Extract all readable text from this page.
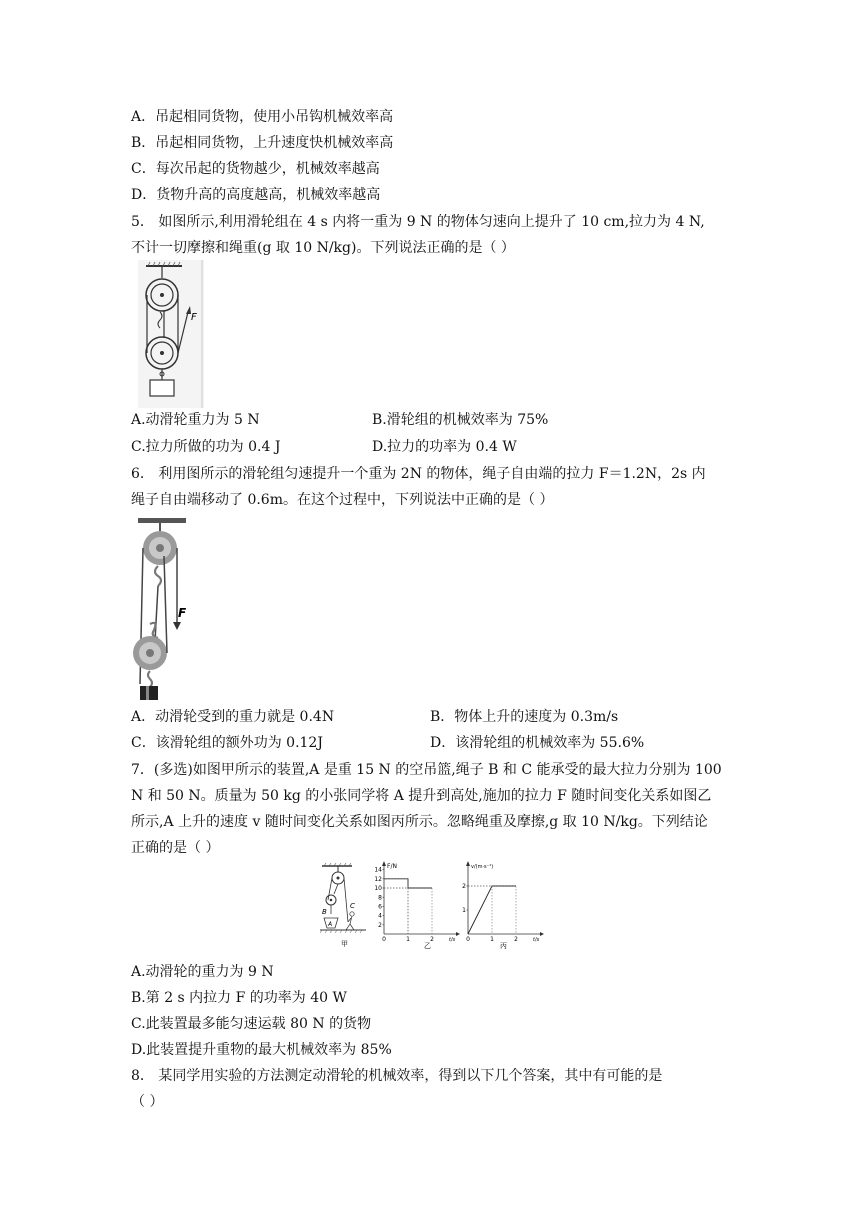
A．吊起相同货物，使用小吊钩机械效率高
B．吊起相同货物，上升速度快机械效率高
C．每次吊起的货物越少，机械效率越高
D．货物升高的高度越高，机械效率越高
5． 如图所示,利用滑轮组在 4 s 内将一重为 9 N 的物体匀速向上提升了 10 cm,拉力为 4 N,
不计一切摩擦和绳重(g 取 10 N/kg)。下列说法正确的是（ ）
F
A.动滑轮重力为 5 N	B.滑轮组的机械效率为 75%
C.拉力所做的功为 0.4 J	D.拉力的功率为 0.4 W
6． 利用图所示的滑轮组匀速提升一个重为 2N 的物体，绳子自由端的拉力 F＝1.2N，2s 内
绳子自由端移动了 0.6m。在这个过程中，下列说法中正确的是（ ）
F
A．动滑轮受到的重力就是 0.4N	B．物体上升的速度为 0.3m/s
C．该滑轮组的额外功为 0.12J	D．该滑轮组的机械效率为 55.6%
7．(多选)如图甲所示的装置,A 是重 15 N 的空吊篮,绳子 B 和 C 能承受的最大拉力分别为 100
N 和 50 N。质量为 50 kg 的小张同学将 A 提升到高处,施加的拉力 F 随时间变化关系如图乙
所示,A 上升的速度 v 随时间变化关系如图丙所示。忽略绳重及摩擦,g 取 10 N/kg。下列结论
正确的是（ ）
B
C
A
甲
F/N
t/s
乙
2
4
6
8
10
12
14
0	1	2
v/(m·s⁻¹)
t/s
丙
1
2
0	1	2
A.动滑轮的重力为 9 N
B.第 2 s 内拉力 F 的功率为 40 W
C.此装置最多能匀速运载 80 N 的货物
D.此装置提升重物的最大机械效率为 85%
8． 某同学用实验的方法测定动滑轮的机械效率，得到以下几个答案，其中有可能的是
（ ）
